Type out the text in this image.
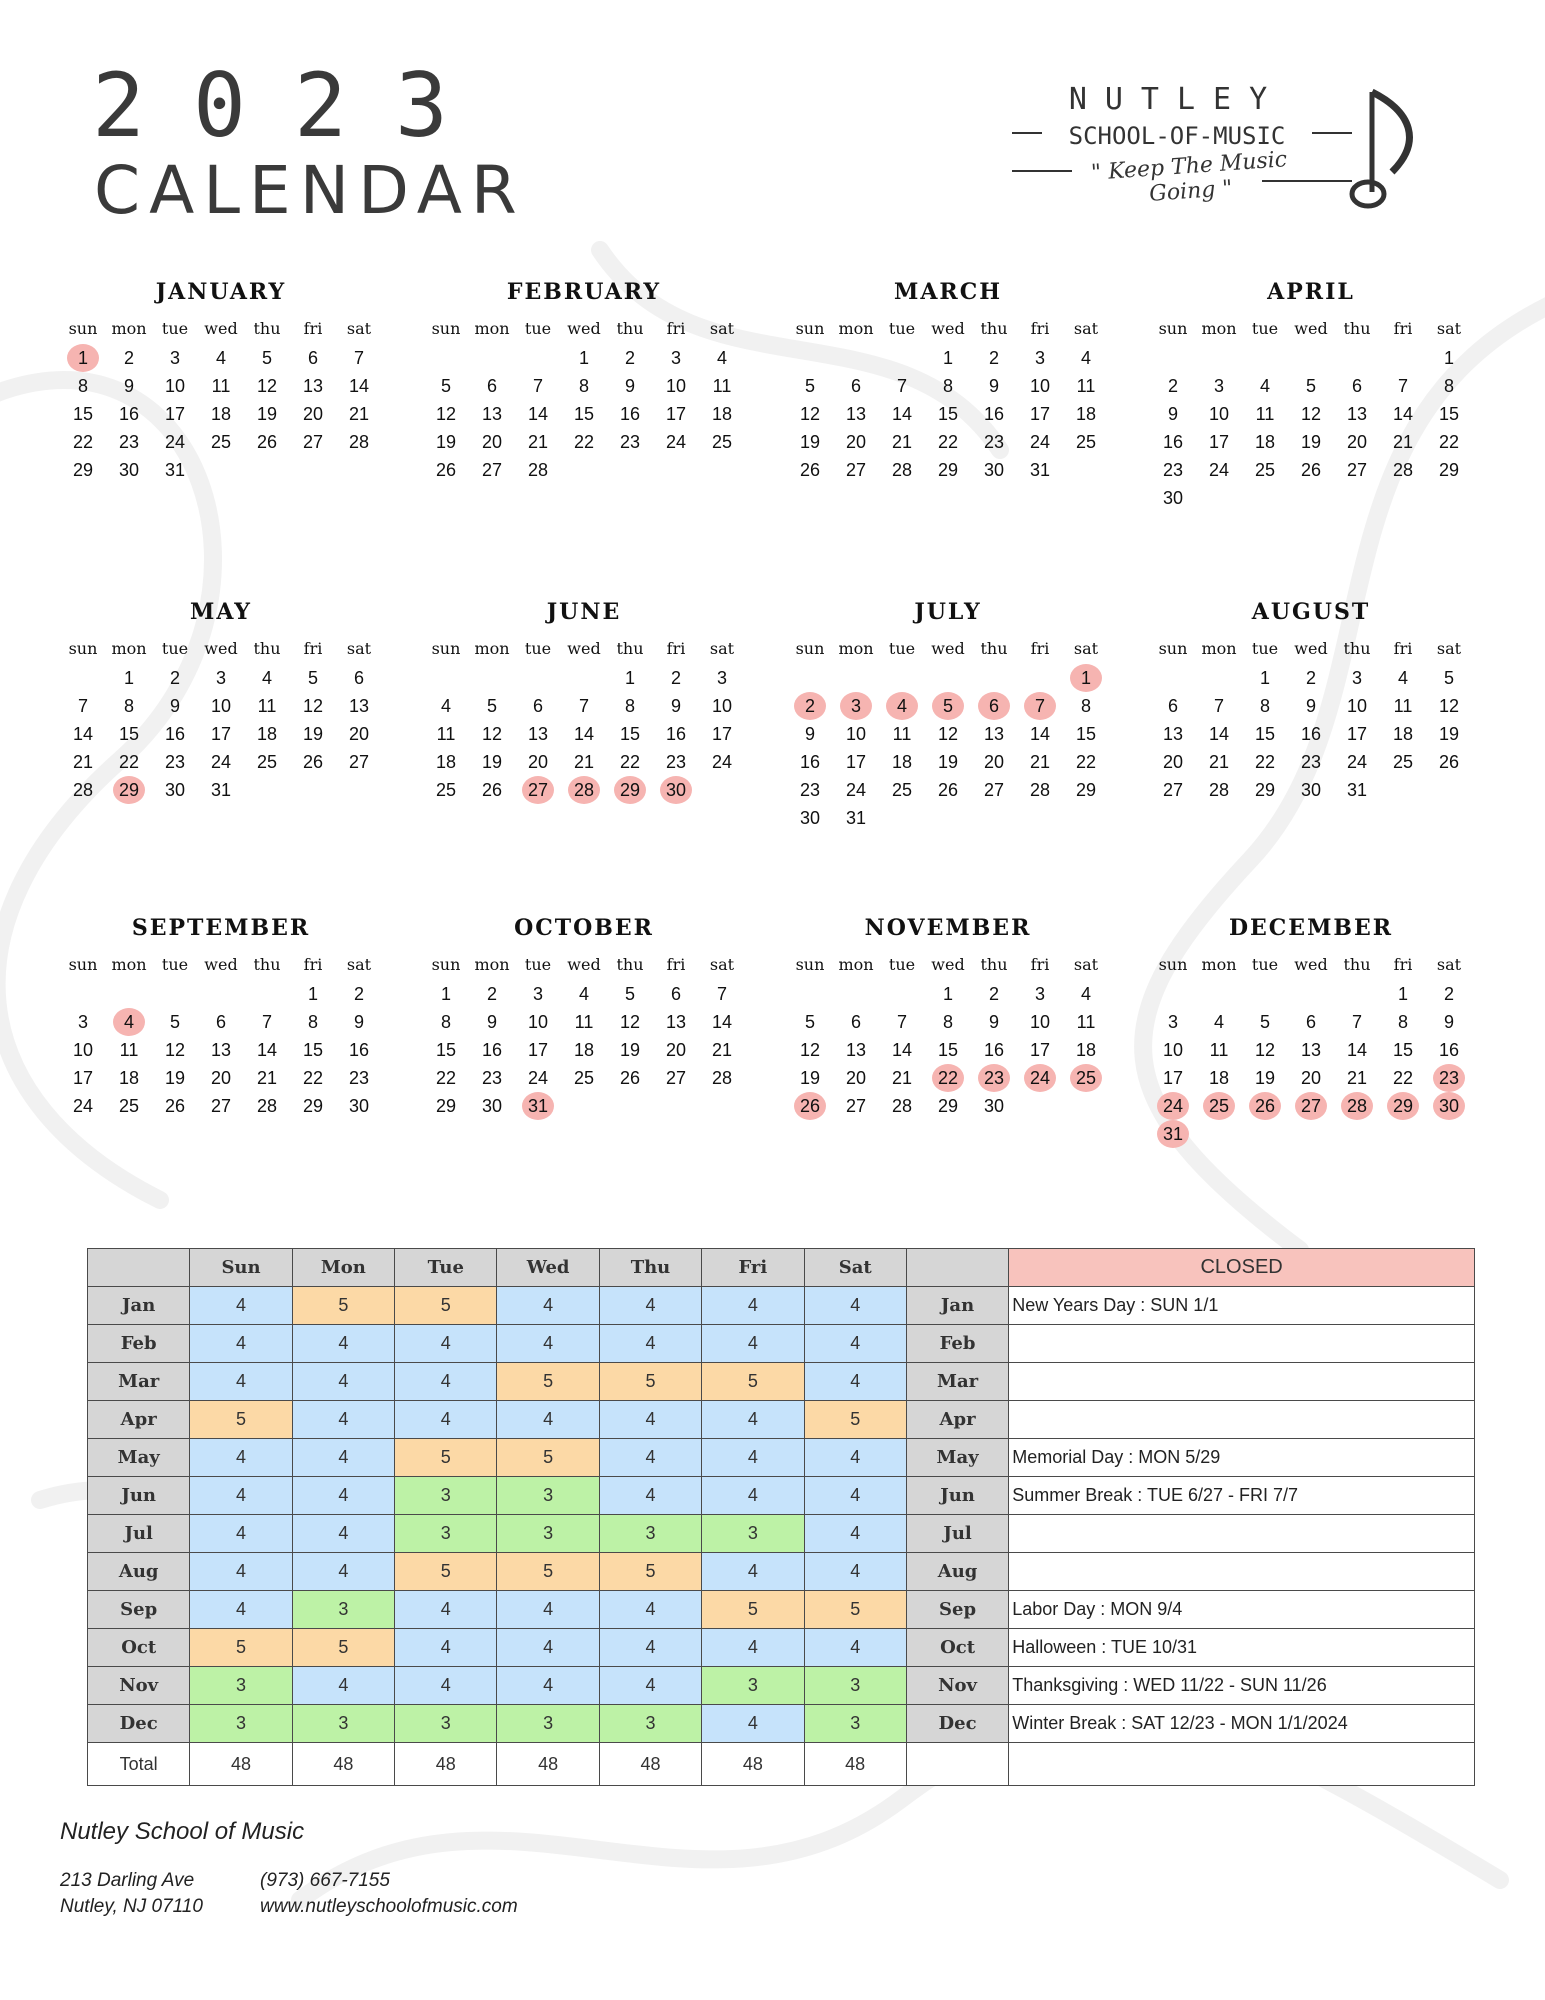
2023
CALENDAR
NUTLEY
SCHOOL-OF-MUSIC
" Keep The Music Going "
JANUARY
sun	mon	tue	wed	thu	fri	sat
1	2	3	4	5	6	7
8	9	10	11	12	13	14
15	16	17	18	19	20	21
22	23	24	25	26	27	28
29	30	31				
FEBRUARY
sun	mon	tue	wed	thu	fri	sat
			1	2	3	4
5	6	7	8	9	10	11
12	13	14	15	16	17	18
19	20	21	22	23	24	25
26	27	28				
MARCH
sun	mon	tue	wed	thu	fri	sat
			1	2	3	4
5	6	7	8	9	10	11
12	13	14	15	16	17	18
19	20	21	22	23	24	25
26	27	28	29	30	31	
APRIL
sun	mon	tue	wed	thu	fri	sat
						1
2	3	4	5	6	7	8
9	10	11	12	13	14	15
16	17	18	19	20	21	22
23	24	25	26	27	28	29
30						
MAY
sun	mon	tue	wed	thu	fri	sat
	1	2	3	4	5	6
7	8	9	10	11	12	13
14	15	16	17	18	19	20
21	22	23	24	25	26	27
28	29	30	31			
JUNE
sun	mon	tue	wed	thu	fri	sat
				1	2	3
4	5	6	7	8	9	10
11	12	13	14	15	16	17
18	19	20	21	22	23	24
25	26	27	28	29	30	
JULY
sun	mon	tue	wed	thu	fri	sat
						1
2	3	4	5	6	7	8
9	10	11	12	13	14	15
16	17	18	19	20	21	22
23	24	25	26	27	28	29
30	31					
AUGUST
sun	mon	tue	wed	thu	fri	sat
		1	2	3	4	5
6	7	8	9	10	11	12
13	14	15	16	17	18	19
20	21	22	23	24	25	26
27	28	29	30	31		
SEPTEMBER
sun	mon	tue	wed	thu	fri	sat
					1	2
3	4	5	6	7	8	9
10	11	12	13	14	15	16
17	18	19	20	21	22	23
24	25	26	27	28	29	30
OCTOBER
sun	mon	tue	wed	thu	fri	sat
1	2	3	4	5	6	7
8	9	10	11	12	13	14
15	16	17	18	19	20	21
22	23	24	25	26	27	28
29	30	31				
NOVEMBER
sun	mon	tue	wed	thu	fri	sat
			1	2	3	4
5	6	7	8	9	10	11
12	13	14	15	16	17	18
19	20	21	22	23	24	25
26	27	28	29	30		
DECEMBER
sun	mon	tue	wed	thu	fri	sat
					1	2
3	4	5	6	7	8	9
10	11	12	13	14	15	16
17	18	19	20	21	22	23
24	25	26	27	28	29	30
31						
	Sun	Mon	Tue	Wed	Thu	Fri	Sat		CLOSED
Jan	4	5	5	4	4	4	4	Jan	New Years Day : SUN 1/1
Feb	4	4	4	4	4	4	4	Feb	
Mar	4	4	4	5	5	5	4	Mar	
Apr	5	4	4	4	4	4	5	Apr	
May	4	4	5	5	4	4	4	May	Memorial Day : MON 5/29
Jun	4	4	3	3	4	4	4	Jun	Summer Break : TUE 6/27 - FRI 7/7
Jul	4	4	3	3	3	3	4	Jul	
Aug	4	4	5	5	5	4	4	Aug	
Sep	4	3	4	4	4	5	5	Sep	Labor Day : MON 9/4
Oct	5	5	4	4	4	4	4	Oct	Halloween : TUE 10/31
Nov	3	4	4	4	4	3	3	Nov	Thanksgiving : WED 11/22 - SUN 11/26
Dec	3	3	3	3	3	4	3	Dec	Winter Break : SAT 12/23 - MON 1/1/2024
Total	48	48	48	48	48	48	48		
Nutley School of Music
213 Darling Ave
Nutley, NJ 07110
(973) 667-7155
www.nutleyschoolofmusic.com
